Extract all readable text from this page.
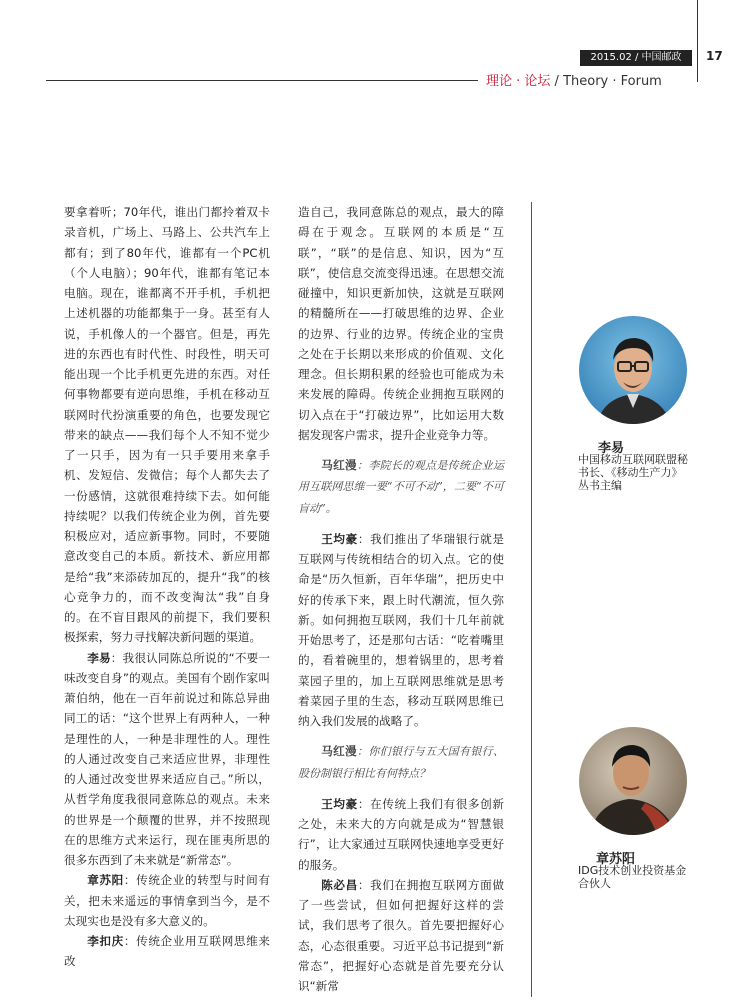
2015.02 / 中国邮政	17
理论 · 论坛 / Theory · Forum

要拿着听；70年代，谁出门都拎着双卡录音机，广场上、马路上、公共汽车上都有；到了80年代，谁都有一个PC机（个人电脑）；90年代，谁都有笔记本电脑。现在，谁都离不开手机，手机把上述机器的功能都集于一身。甚至有人说，手机像人的一个器官。但是，再先进的东西也有时代性、时段性，明天可能出现一个比手机更先进的东西。对任何事物都要有逆向思维，手机在移动互联网时代扮演重要的角色，也要发现它带来的缺点——我们每个人不知不觉少了一只手，因为有一只手要用来拿手机、发短信、发微信；每个人都失去了一份感情，这就很难持续下去。如何能持续呢？以我们传统企业为例，首先要积极应对，适应新事物。同时，不要随意改变自己的本质。新技术、新应用都是给“我”来添砖加瓦的，提升“我”的核心竞争力的，而不改变淘汰“我”自身的。在不盲目跟风的前提下，我们要积极探索，努力寻找解决新问题的渠道。

李易：我很认同陈总所说的“不要一味改变自身”的观点。美国有个剧作家叫萧伯纳，他在一百年前说过和陈总异曲同工的话：“这个世界上有两种人，一种是理性的人，一种是非理性的人。理性的人通过改变自己来适应世界，非理性的人通过改变世界来适应自己。”所以，从哲学角度我很同意陈总的观点。未来的世界是一个颠覆的世界，并不按照现在的思维方式来运行，现在匪夷所思的很多东西到了未来就是“新常态”。

章苏阳：传统企业的转型与时间有关，把未来遥远的事情拿到当今，是不太现实也是没有多大意义的。

李扣庆：传统企业用互联网思维来改

造自己，我同意陈总的观点，最大的障碍在于观念。互联网的本质是“互联”，“联”的是信息、知识，因为“互联”，使信息交流变得迅速。在思想交流碰撞中，知识更新加快，这就是互联网的精髓所在——打破思维的边界、企业的边界、行业的边界。传统企业的宝贵之处在于长期以来形成的价值观、文化理念。但长期积累的经验也可能成为未来发展的障碍。传统企业拥抱互联网的切入点在于“打破边界”，比如运用大数据发现客户需求，提升企业竞争力等。

马红漫：李院长的观点是传统企业运用互联网思维一要“不可不动”，二要“不可盲动”。

王均豪：我们推出了华瑞银行就是互联网与传统相结合的切入点。它的使命是“历久恒新，百年华瑞”，把历史中好的传承下来，跟上时代潮流，恒久弥新。如何拥抱互联网，我们十几年前就开始思考了，还是那句古话：“吃着嘴里的，看着碗里的，想着锅里的，思考着菜园子里的，加上互联网思维就是思考着菜园子里的生态，移动互联网思维已纳入我们发展的战略了。

马红漫：你们银行与五大国有银行、股份制银行相比有何特点？

王均豪：在传统上我们有很多创新之处，未来大的方向就是成为“智慧银行”，让大家通过互联网快速地享受更好的服务。

陈必昌：我们在拥抱互联网方面做了一些尝试，但如何把握好这样的尝试，我们思考了很久。首先要把握好心态，心态很重要。习近平总书记提到“新常态”，把握好心态就是首先要充分认识“新常

李易
中国移动互联网联盟秘书长、《移动生产力》丛书主编
章苏阳
IDG技术创业投资基金合伙人
